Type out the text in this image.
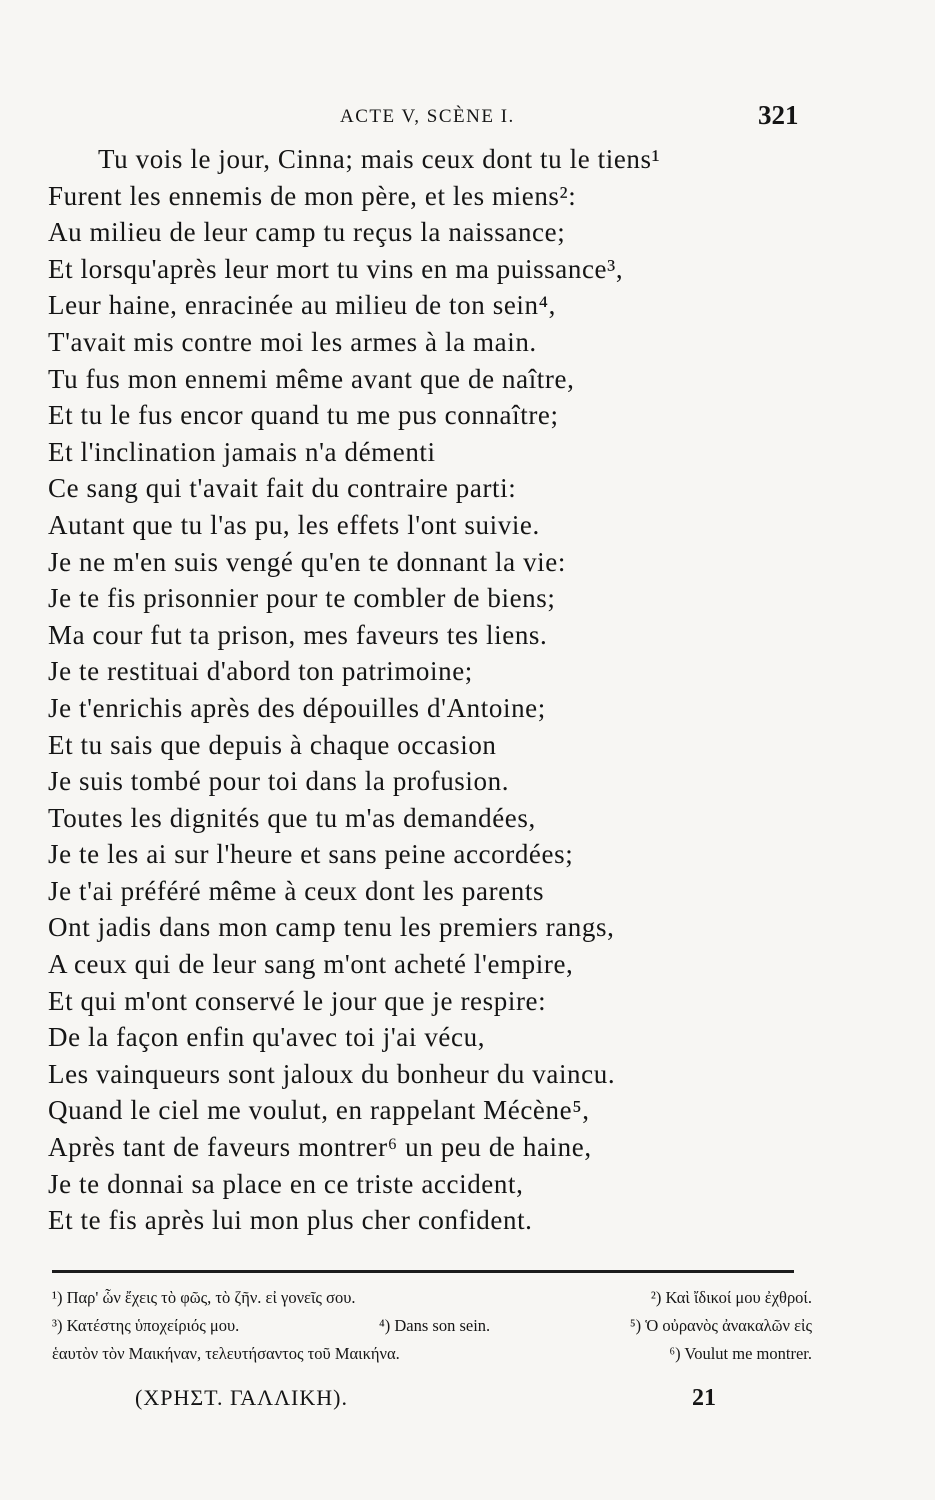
ACTE V, SCÈNE I.	321
Tu vois le jour, Cinna; mais ceux dont tu le tiens¹
Furent les ennemis de mon père, et les miens²:
Au milieu de leur camp tu reçus la naissance;
Et lorsqu'après leur mort tu vins en ma puissance³,
Leur haine, enracinée au milieu de ton sein⁴,
T'avait mis contre moi les armes à la main.
Tu fus mon ennemi même avant que de naître,
Et tu le fus encor quand tu me pus connaître;
Et l'inclination jamais n'a démenti
Ce sang qui t'avait fait du contraire parti:
Autant que tu l'as pu, les effets l'ont suivie.
Je ne m'en suis vengé qu'en te donnant la vie:
Je te fis prisonnier pour te combler de biens;
Ma cour fut ta prison, mes faveurs tes liens.
Je te restituai d'abord ton patrimoine;
Je t'enrichis après des dépouilles d'Antoine;
Et tu sais que depuis à chaque occasion
Je suis tombé pour toi dans la profusion.
Toutes les dignités que tu m'as demandées,
Je te les ai sur l'heure et sans peine accordées;
Je t'ai préféré même à ceux dont les parents
Ont jadis dans mon camp tenu les premiers rangs,
A ceux qui de leur sang m'ont acheté l'empire,
Et qui m'ont conservé le jour que je respire:
De la façon enfin qu'avec toi j'ai vécu,
Les vainqueurs sont jaloux du bonheur du vaincu.
Quand le ciel me voulut, en rappelant Mécène⁵,
Après tant de faveurs montrer⁶ un peu de haine,
Je te donnai sa place en ce triste accident,
Et te fis après lui mon plus cher confident.
¹) Παρ' ὧν ἔχεις τὸ φῶς, τὸ ζῆν. εἰ γονεῖς σου.	²) Καὶ ἴδικοί μου ἐχθροί.
³) Κατέστης ὑποχείριός μου.	⁴) Dans son sein.	⁵) Ὁ οὐρανὸς ἀνακαλῶν εἰς
ἑαυτὸν τὸν Μαικήναν, τελευτήσαντος τοῦ Μαικήνα.	⁶) Voulut me montrer.
(ΧΡΗΣΤ. ΓΑΛΛΙΚΗ).	21
